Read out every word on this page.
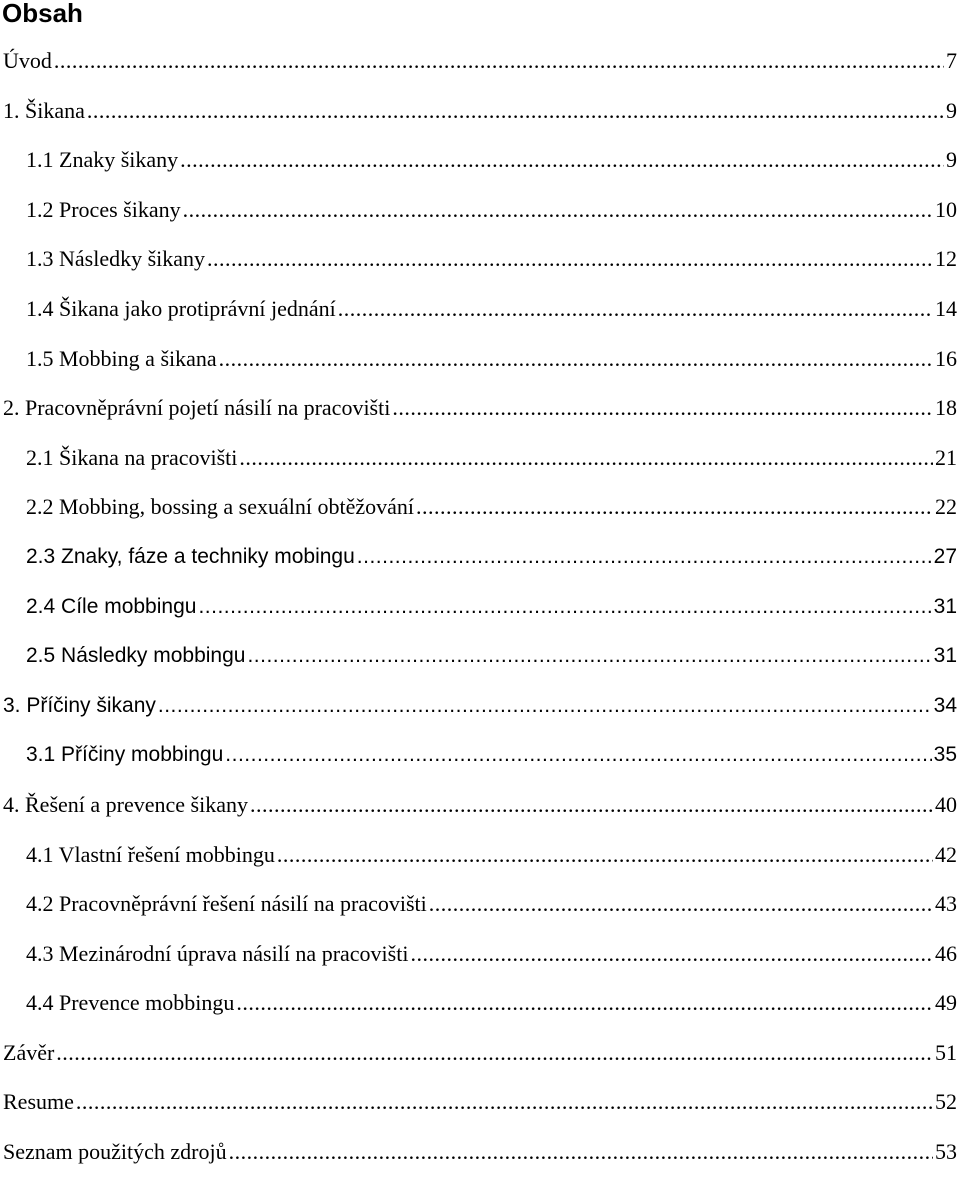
Obsah
Úvod .....	7
1. Šikana .....	9
1.1 Znaky šikany .....	9
1.2 Proces šikany .....	10
1.3 Následky šikany .....	12
1.4 Šikana jako protiprávní jednání .....	14
1.5 Mobbing a šikana .....	16
2. Pracovněprávní pojetí násilí na pracovišti .....	18
2.1 Šikana na pracovišti .....	21
2.2 Mobbing, bossing a sexuální obtěžování .....	22
2.3 Znaky, fáze a techniky mobingu .....	27
2.4 Cíle mobbingu .....	31
2.5 Následky mobbingu .....	31
3. Příčiny šikany .....	34
3.1 Příčiny mobbingu .....	35
4. Řešení a prevence šikany .....	40
4.1 Vlastní řešení mobbingu .....	42
4.2 Pracovněprávní řešení násilí na pracovišti .....	43
4.3 Mezinárodní úprava násilí na pracovišti .....	46
4.4 Prevence mobbingu .....	49
Závěr .....	51
Resume .....	52
Seznam použitých zdrojů .....	53
